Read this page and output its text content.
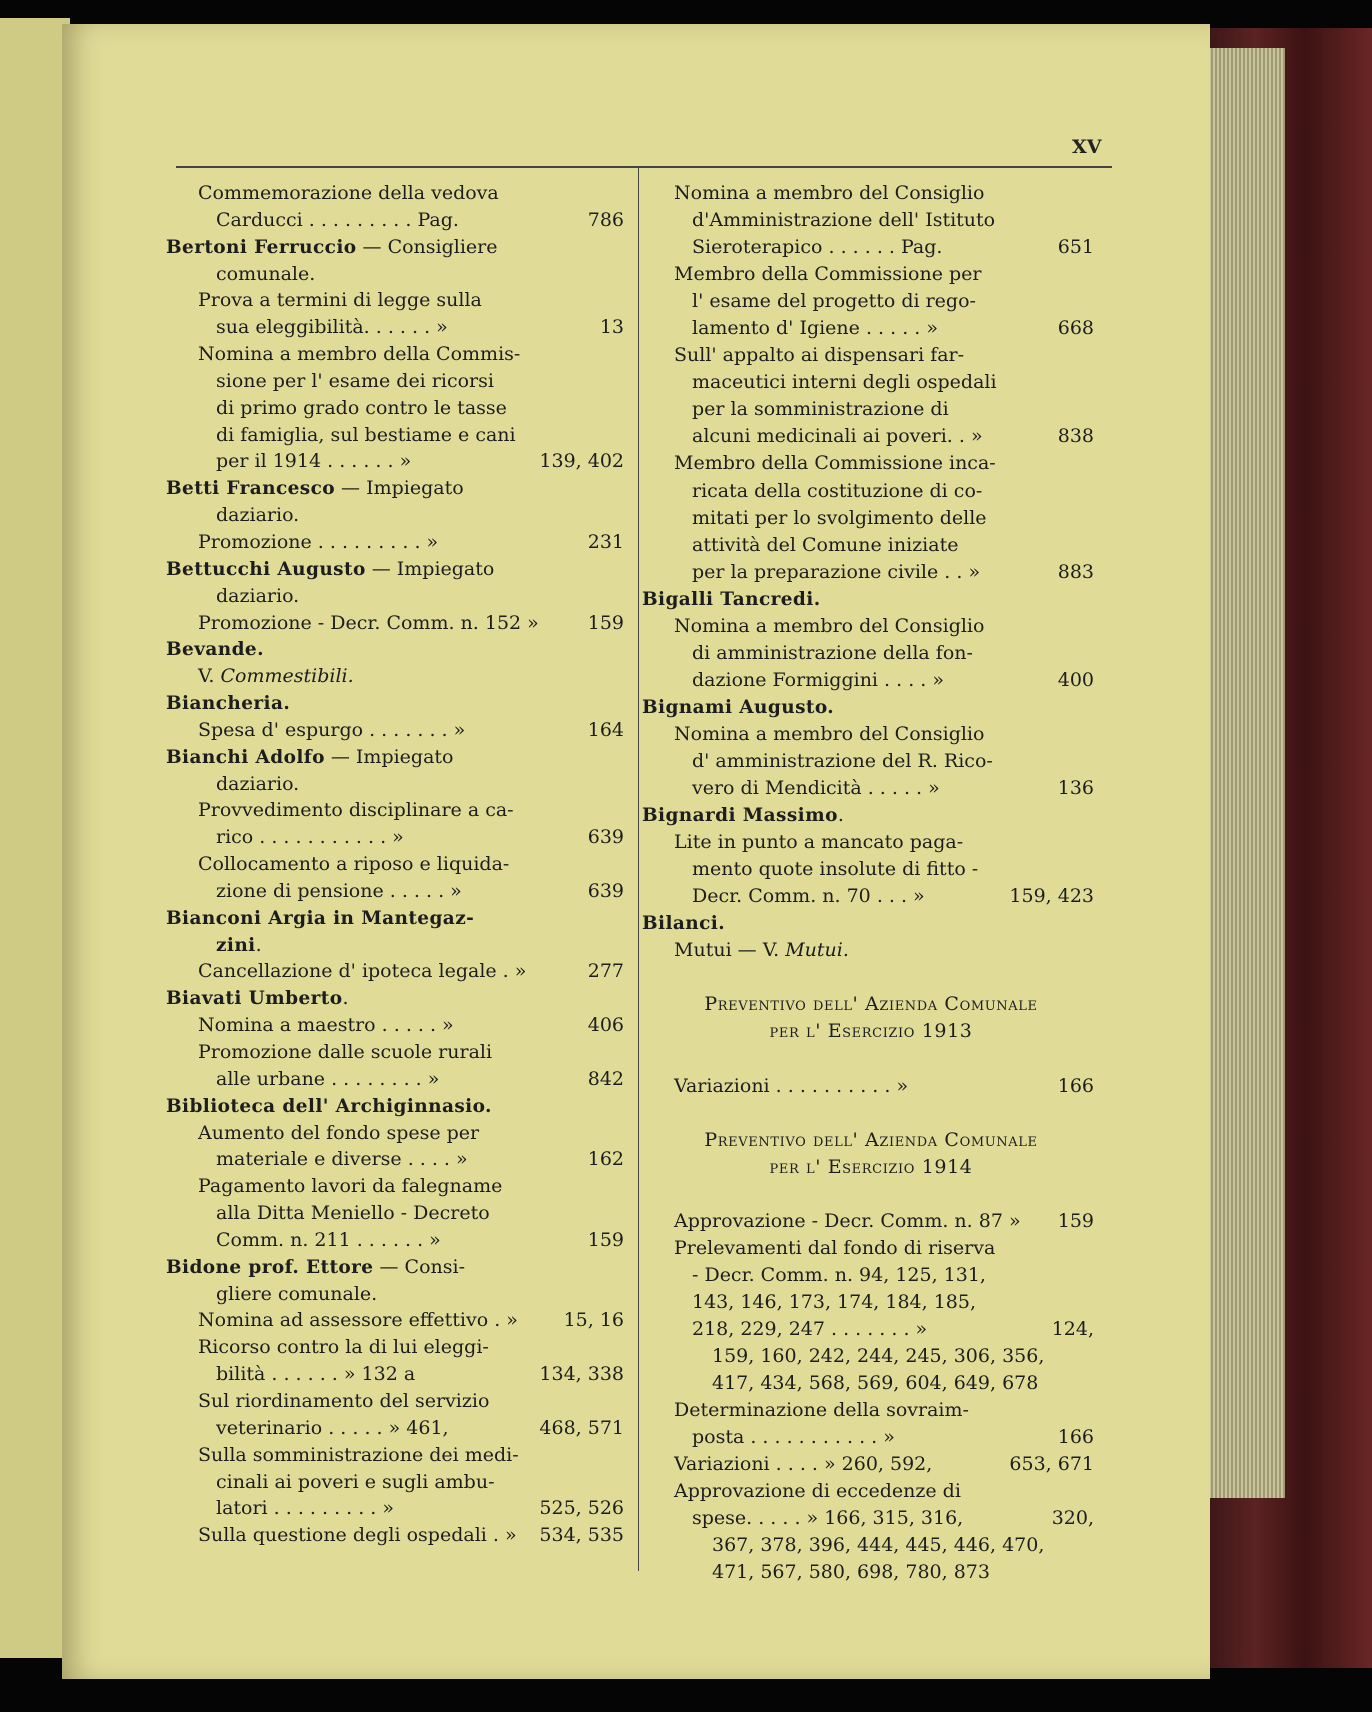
XV
Commemorazione della vedova
Carducci . . . . . . . . . Pag.	786
Bertoni Ferruccio — Consigliere
comunale.
Prova a termini di legge sulla
sua eleggibilità. . . . . . »	13
Nomina a membro della Commis-
sione per l' esame dei ricorsi
di primo grado contro le tasse
di famiglia, sul bestiame e cani
per il 1914 . . . . . . »	139, 402
Betti Francesco — Impiegato
daziario.
Promozione . . . . . . . . . »	231
Bettucchi Augusto — Impiegato
daziario.
Promozione - Decr. Comm. n. 152 »	159
Bevande.
V. Commestibili.
Biancheria.
Spesa d' espurgo . . . . . . . »	164
Bianchi Adolfo — Impiegato
daziario.
Provvedimento disciplinare a ca-
rico . . . . . . . . . . . »	639
Collocamento a riposo e liquida-
zione di pensione . . . . . »	639
Bianconi Argia in Mantegaz-
zini.
Cancellazione d' ipoteca legale . »	277
Biavati Umberto.
Nomina a maestro . . . . . »	406
Promozione dalle scuole rurali
alle urbane . . . . . . . . »	842
Biblioteca dell' Archiginnasio.
Aumento del fondo spese per
materiale e diverse . . . . »	162
Pagamento lavori da falegname
alla Ditta Meniello - Decreto
Comm. n. 211 . . . . . . »	159
Bidone prof. Ettore — Consi-
gliere comunale.
Nomina ad assessore effettivo . » 15, 16
Ricorso contro la di lui eleggi-
bilità . . . . . . » 132 a	134, 338
Sul riordinamento del servizio
veterinario . . . . . » 461,	468, 571
Sulla somministrazione dei medi-
cinali ai poveri e sugli ambu-
latori . . . . . . . . . »	525, 526
Sulla questione degli ospedali . » 534, 535
Nomina a membro del Consiglio
d'Amministrazione dell' Istituto
Sieroterapico . . . . . . Pag.	651
Membro della Commissione per
l' esame del progetto di rego-
lamento d' Igiene . . . . . »	668
Sull' appalto ai dispensari far-
maceutici interni degli ospedali
per la somministrazione di
alcuni medicinali ai poveri. . »	838
Membro della Commissione inca-
ricata della costituzione di co-
mitati per lo svolgimento delle
attività del Comune iniziate
per la preparazione civile . . »	883
Bigalli Tancredi.
Nomina a membro del Consiglio
di amministrazione della fon-
dazione Formiggini . . . . »	400
Bignami Augusto.
Nomina a membro del Consiglio
d' amministrazione del R. Rico-
vero di Mendicità . . . . . »	136
Bignardi Massimo.
Lite in punto a mancato paga-
mento quote insolute di fitto -
Decr. Comm. n. 70 . . . »	159, 423
Bilanci.
Mutui — V. Mutui.
Preventivo dell' Azienda Comunale
per l' Esercizio 1913
Variazioni . . . . . . . . . . »	166
Preventivo dell' Azienda Comunale
per l' Esercizio 1914
Approvazione - Decr. Comm. n. 87 » 159
Prelevamenti dal fondo di riserva
- Decr. Comm. n. 94, 125, 131,
143, 146, 173, 174, 184, 185,
218, 229, 247 . . . . . . . »	124,
159, 160, 242, 244, 245, 306, 356,
417, 434, 568, 569, 604, 649, 678
Determinazione della sovraim-
posta . . . . . . . . . . . »	166
Variazioni . . . . » 260, 592,	653, 671
Approvazione di eccedenze di
spese. . . . . » 166, 315, 316,	320,
367, 378, 396, 444, 445, 446, 470,
471, 567, 580, 698, 780, 873
